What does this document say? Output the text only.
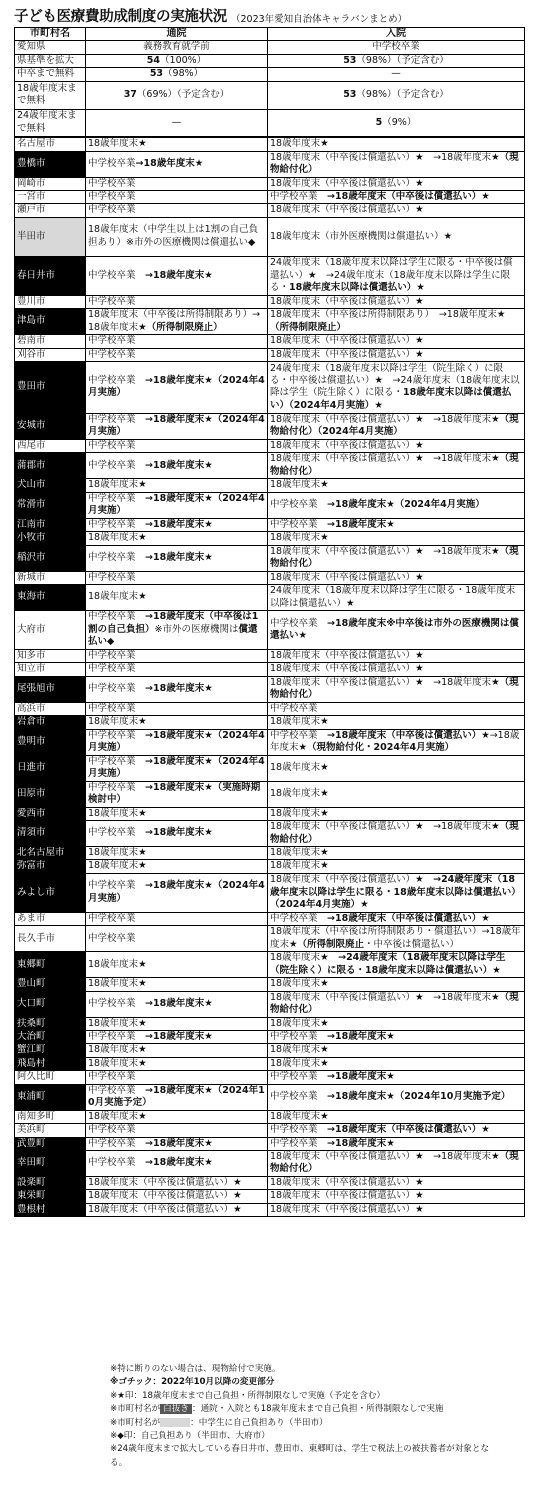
子ども医療費助成制度の実施状況 （2023年愛知自治体キャラバンまとめ）
市町村名	通院	入院
愛知県	義務教育就学前	中学校卒業
県基準を拡大	54（100%）	53（98%）（予定含む）
中卒まで無料	53（98%）	—
18歳年度末まで無料	37（69%）（予定含む）	53（98%）（予定含む）
24歳年度末まで無料	—	5（9%）
名古屋市	18歳年度末★	18歳年度末★
豊橋市	中学校卒業→18歳年度末★	18歳年度末（中卒後は償還払い）★　→18歳年度末★（現物給付化）
岡崎市	中学校卒業	18歳年度末（中卒後は償還払い）★
一宮市	中学校卒業	中学校卒業　→18歳年度末（中卒後は償還払い）★
瀬戸市	中学校卒業	18歳年度末（中卒後は償還払い）★
半田市	18歳年度末（中学生以上は1割の自己負担あり）※市外の医療機関は償還払い◆	18歳年度末（市外医療機関は償還払い）★
春日井市	中学校卒業　→18歳年度末★	24歳年度末（18歳年度末以降は学生に限る・中卒後は償還払い）★　→24歳年度末（18歳年度末以降は学生に限る・18歳年度末以降は償還払い）★
豊川市	中学校卒業	18歳年度末（中卒後は償還払い）★
津島市	18歳年度末（中卒後は所得制限あり）→18歳年度末★（所得制限廃止）	18歳年度末（中卒後は所得制限あり）　→18歳年度末★（所得制限廃止）
碧南市	中学校卒業	18歳年度末（中卒後は償還払い）★
刈谷市	中学校卒業	18歳年度末（中卒後は償還払い）★
豊田市	中学校卒業　→18歳年度末★（2024年4月実施）	24歳年度末（18歳年度末以降は学生（院生除く）に限る・中卒後は償還払い）★　→24歳年度末（18歳年度末以降は学生（院生除く）に限る・18歳年度末以降は償還払い）（2024年4月実施）★
安城市	中学校卒業　→18歳年度末★（2024年4月実施）	18歳年度末（中卒後は償還払い）★　→18歳年度末★（現物給付化）（2024年4月実施）
西尾市	中学校卒業	18歳年度末（中卒後は償還払い）★
蒲郡市	中学校卒業　→18歳年度末★	18歳年度末（中卒後は償還払い）★　→18歳年度末★（現物給付化）
犬山市	18歳年度末★	18歳年度末★
常滑市	中学校卒業　→18歳年度末★（2024年4月実施）	中学校卒業　→18歳年度末★（2024年4月実施）
江南市	中学校卒業　→18歳年度末★	中学校卒業　→18歳年度末★
小牧市	18歳年度末★	18歳年度末★
稲沢市	中学校卒業　→18歳年度末★	18歳年度末（中卒後は償還払い）★　→18歳年度末★（現物給付化）
新城市	中学校卒業	18歳年度末（中卒後は償還払い）★
東海市	18歳年度末★	24歳年度末（18歳年度末以降は学生に限る・18歳年度末以降は償還払い）★
大府市	中学校卒業　→18歳年度末（中卒後は1割の自己負担）※市外の医療機関は償還払い◆	中学校卒業　→18歳年度末※中卒後は市外の医療機関は償還払い★
知多市	中学校卒業	18歳年度末（中卒後は償還払い）★
知立市	中学校卒業	18歳年度末（中卒後は償還払い）★
尾張旭市	中学校卒業　→18歳年度末★	18歳年度末（中卒後は償還払い）★　→18歳年度末★（現物給付化）
高浜市	中学校卒業	中学校卒業
岩倉市	18歳年度末★	18歳年度末★
豊明市	中学校卒業　→18歳年度末★（2024年4月実施）	中学校卒業　→18歳年度末（中卒後は償還払い）★→18歳年度末★（現物給付化・2024年4月実施）
日進市	中学校卒業　→18歳年度末★（2024年4月実施）	18歳年度末★
田原市	中学校卒業　→18歳年度末★（実施時期検討中）	18歳年度末★
愛西市	18歳年度末★	18歳年度末★
清須市	中学校卒業　→18歳年度末★	18歳年度末（中卒後は償還払い）★　→18歳年度末★（現物給付化）
北名古屋市	18歳年度末★	18歳年度末★
弥富市	18歳年度末★	18歳年度末★
みよし市	中学校卒業　→18歳年度末★（2024年4月実施）	18歳年度末（中卒後は償還払い）★　→24歳年度末（18歳年度末以降は学生に限る・18歳年度末以降は償還払い）（2024年4月実施）★
あま市	中学校卒業	中学校卒業　→18歳年度末（中卒後は償還払い）★
長久手市	中学校卒業	18歳年度末（中卒後は所得制限あり・償還払い）→18歳年度末★（所得制限廃止・中卒後は償還払い）
東郷町	18歳年度末★	18歳年度末★　→24歳年度末（18歳年度末以降は学生（院生除く）に限る・18歳年度末以降は償還払い）★
豊山町	18歳年度末★	18歳年度末★
大口町	中学校卒業　→18歳年度末★	18歳年度末（中卒後は償還払い）★　→18歳年度末★（現物給付化）
扶桑町	18歳年度末★	18歳年度末★
大治町	中学校卒業　→18歳年度末★	中学校卒業　→18歳年度末★
蟹江町	18歳年度末★	18歳年度末★
飛島村	18歳年度末★	18歳年度末★
阿久比町	中学校卒業	中学校卒業　→18歳年度末★
東浦町	中学校卒業　→18歳年度末★（2024年10月実施予定）	中学校卒業　→18歳年度末★（2024年10月実施予定）
南知多町	18歳年度末★	18歳年度末★
美浜町	中学校卒業	中学校卒業　→18歳年度末（中卒後は償還払い）★
武豊町	中学校卒業　→18歳年度末★	中学校卒業　→18歳年度末★
幸田町	中学校卒業　→18歳年度末★	18歳年度末（中卒後は償還払い）★　→18歳年度末★（現物給付化）
設楽町	18歳年度末（中卒後は償還払い）★	18歳年度末（中卒後は償還払い）★
東栄町	18歳年度末（中卒後は償還払い）★	18歳年度末（中卒後は償還払い）★
豊根村	18歳年度末（中卒後は償還払い）★	18歳年度末（中卒後は償還払い）★

※特に断りのない場合は、現物給付で実施。

※ゴチック：2022年10月以降の変更部分

※★印：18歳年度末まで自己負担・所得制限なしで実施（予定を含む）

※市町村名が 白抜き ：通院・入院とも18歳年度末まで自己負担・所得制限なしで実施

※市町村名が	：中学生に自己負担あり（半田市）

※◆印：自己負担あり（半田市、大府市）

※24歳年度末まで拡大している春日井市、豊田市、東郷町は、学生で税法上の被扶養者が対象となる。
